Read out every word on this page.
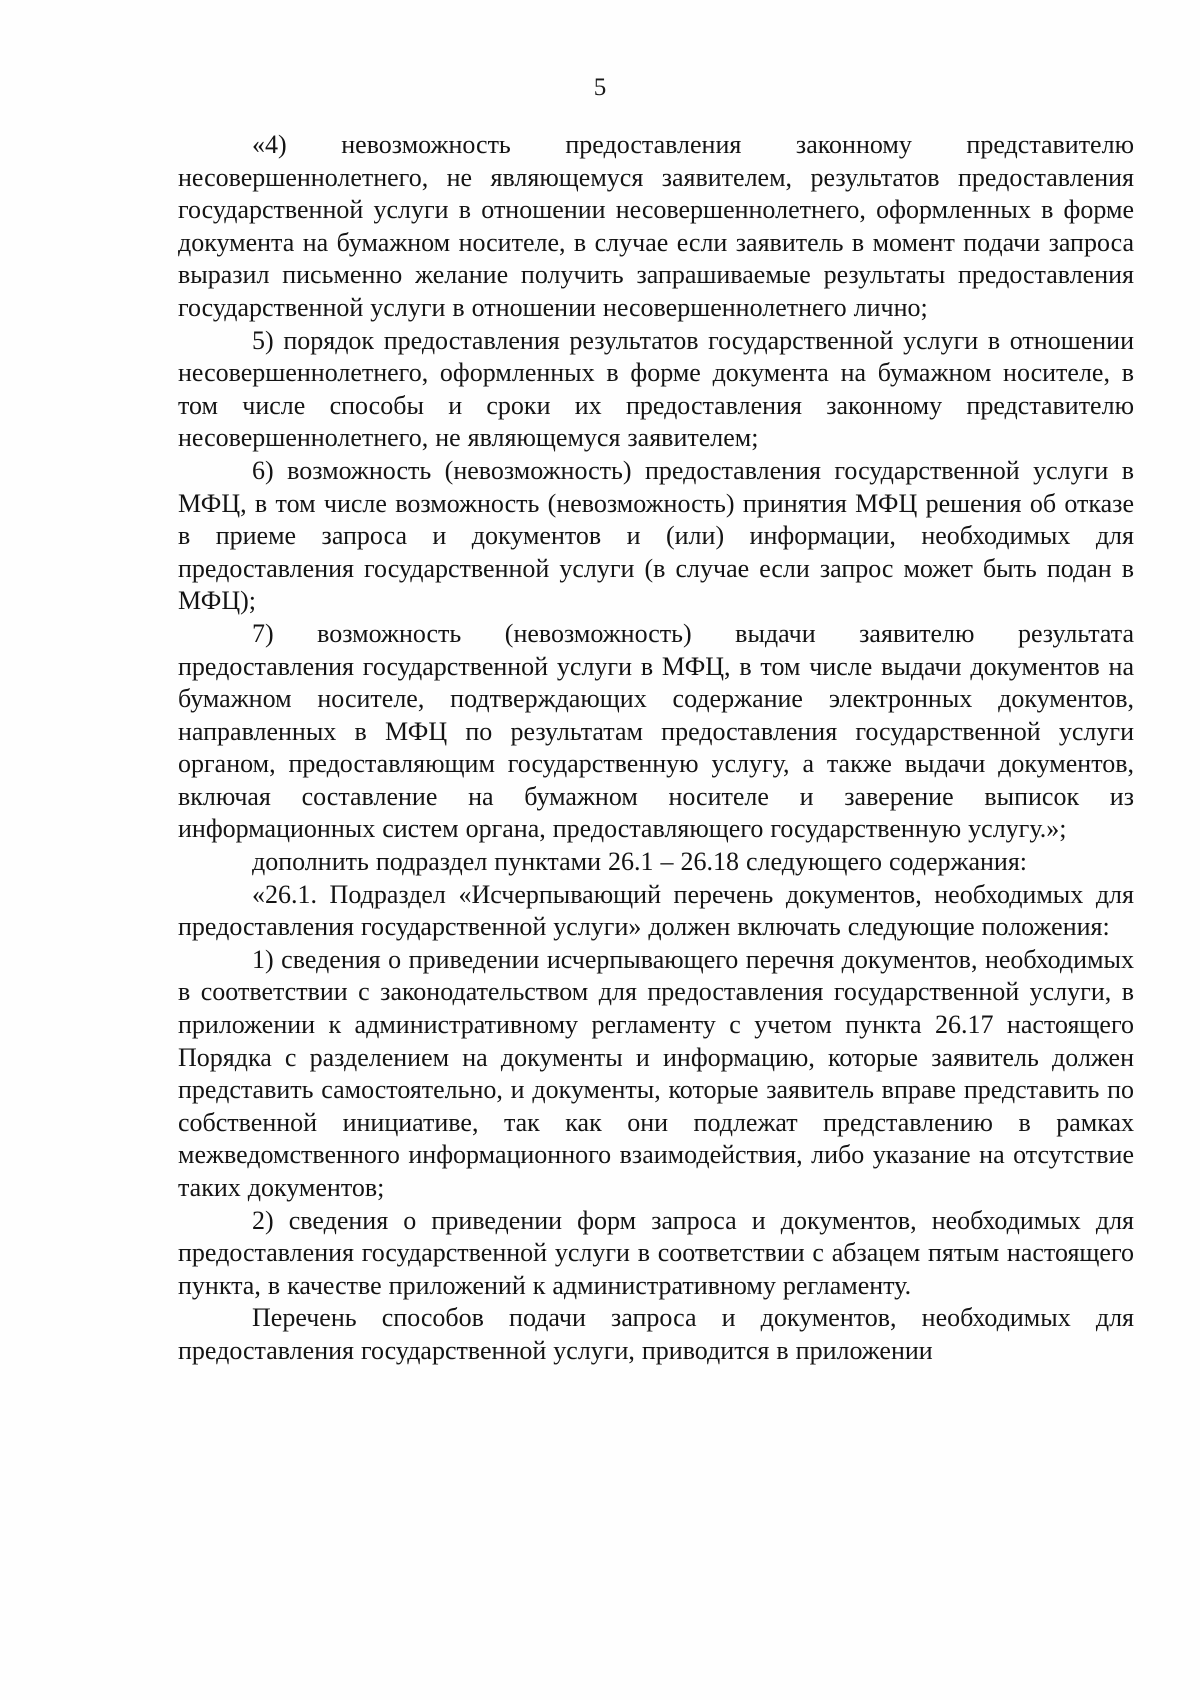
5

«4) невозможность предоставления законному представителю несовершеннолетнего, не являющемуся заявителем, результатов предоставления государственной услуги в отношении несовершеннолетнего, оформленных в форме документа на бумажном носителе, в случае если заявитель в момент подачи запроса выразил письменно желание получить запрашиваемые результаты предоставления государственной услуги в отношении несовершеннолетнего лично;

5) порядок предоставления результатов государственной услуги в отношении несовершеннолетнего, оформленных в форме документа на бумажном носителе, в том числе способы и сроки их предоставления законному представителю несовершеннолетнего, не являющемуся заявителем;

6) возможность (невозможность) предоставления государственной услуги в МФЦ, в том числе возможность (невозможность) принятия МФЦ решения об отказе в приеме запроса и документов и (или) информации, необходимых для предоставления государственной услуги (в случае если запрос может быть подан в МФЦ);

7) возможность (невозможность) выдачи заявителю результата предоставления государственной услуги в МФЦ, в том числе выдачи документов на бумажном носителе, подтверждающих содержание электронных документов, направленных в МФЦ по результатам предоставления государственной услуги органом, предоставляющим государственную услугу, а также выдачи документов, включая составление на бумажном носителе и заверение выписок из информационных систем органа, предоставляющего государственную услугу.»;

дополнить подраздел пунктами 26.1 – 26.18 следующего содержания:

«26.1. Подраздел «Исчерпывающий перечень документов, необходимых для предоставления государственной услуги» должен включать следующие положения:

1) сведения о приведении исчерпывающего перечня документов, необходимых в соответствии с законодательством для предоставления государственной услуги, в приложении к административному регламенту с учетом пункта 26.17 настоящего Порядка с разделением на документы и информацию, которые заявитель должен представить самостоятельно, и документы, которые заявитель вправе представить по собственной инициативе, так как они подлежат представлению в рамках межведомственного информационного взаимодействия, либо указание на отсутствие таких документов;

2) сведения о приведении форм запроса и документов, необходимых для предоставления государственной услуги в соответствии с абзацем пятым настоящего пункта, в качестве приложений к административному регламенту.

Перечень способов подачи запроса и документов, необходимых для предоставления государственной услуги, приводится в приложении
